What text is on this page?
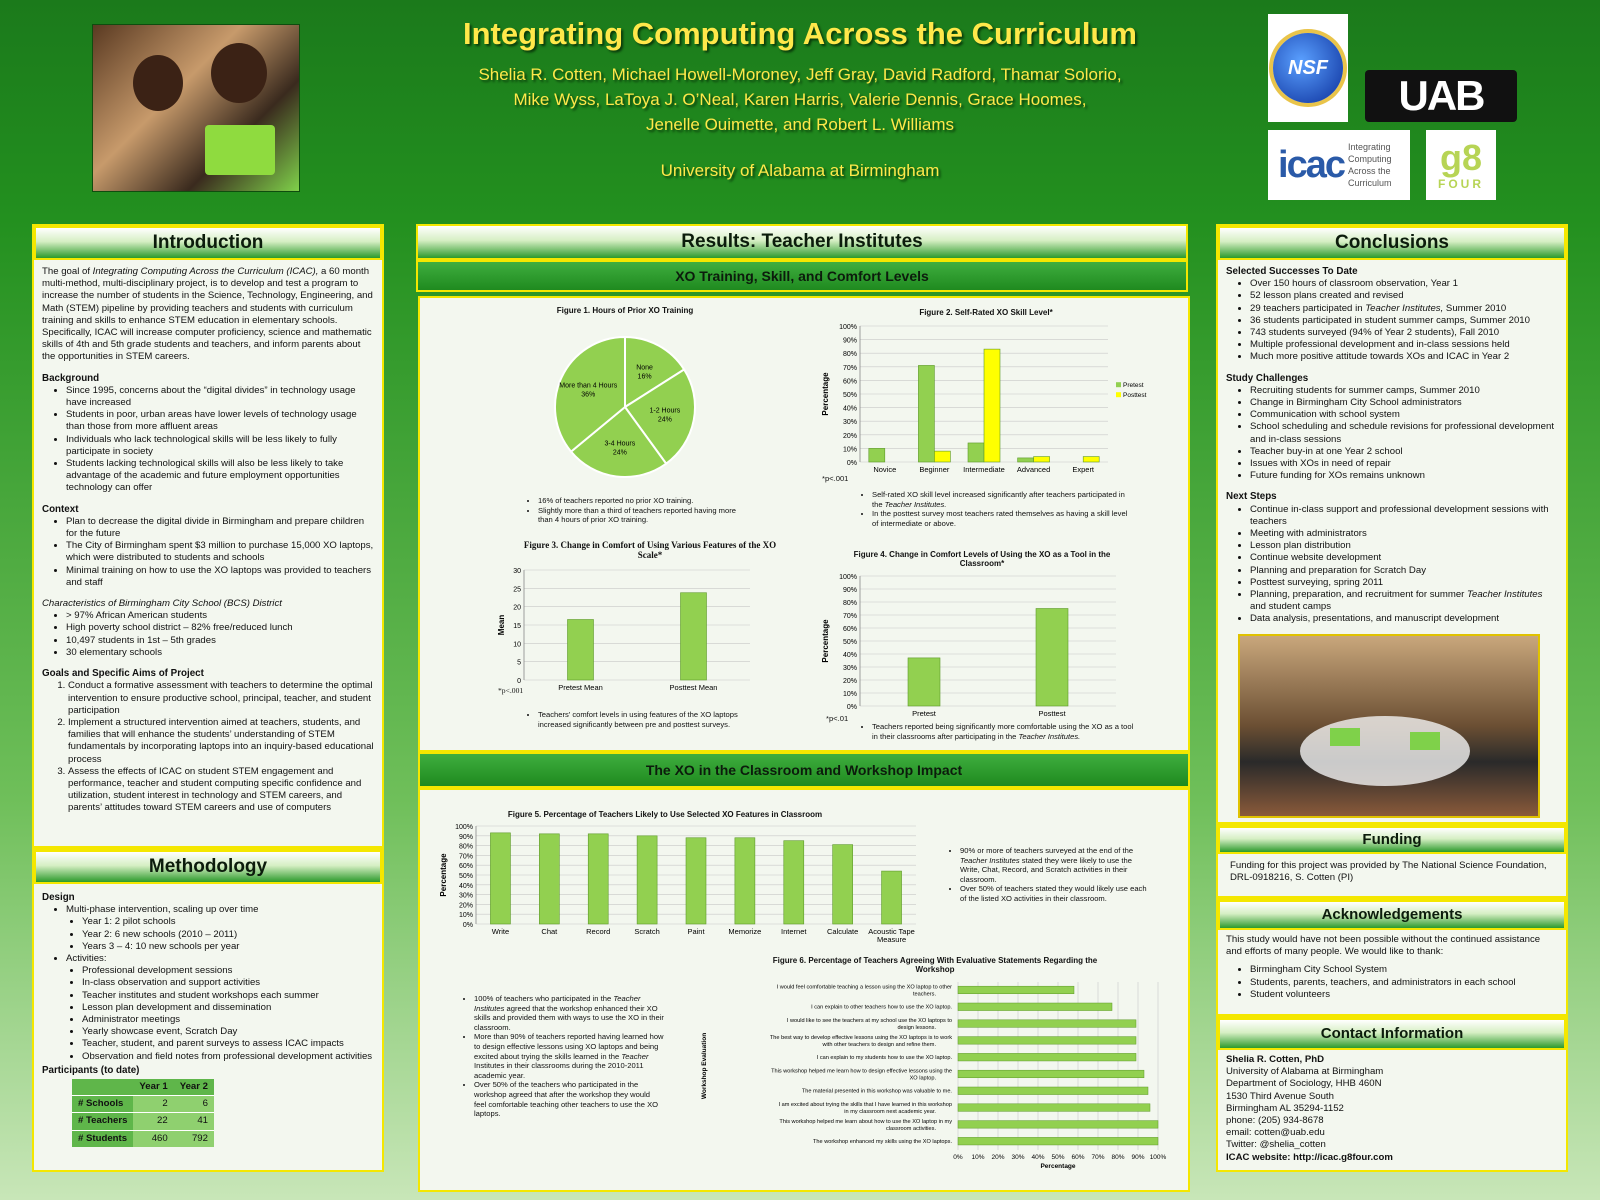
Integrating Computing Across the Curriculum
Shelia R. Cotten, Michael Howell-Moroney, Jeff Gray, David Radford, Thamar Solorio,
Mike Wyss, LaToya J. O’Neal, Karen Harris, Valerie Dennis, Grace Hoomes,
Jenelle Ouimette, and Robert L. Williams
University of Alabama at Birmingham
NSF
UAB
icac Integrating Computing Across the Curriculum
g8
FOUR
Introduction

The goal of Integrating Computing Across the Curriculum (ICAC), a 60 month multi-method, multi-disciplinary project, is to develop and test a program to increase the number of students in the Science, Technology, Engineering, and Math (STEM) pipeline by providing teachers and students with curriculum training and skills to enhance STEM education in elementary schools. Specifically, ICAC will increase computer proficiency, science and mathematic skills of 4th and 5th grade students and teachers, and inform parents about the opportunities in STEM careers.

Background
• Since 1995, concerns about the “digital divides” in technology usage have increased
• Students in poor, urban areas have lower levels of technology usage than those from more affluent areas
• Individuals who lack technological skills will be less likely to fully participate in society
• Students lacking technological skills will also be less likely to take advantage of the academic and future employment opportunities technology can offer
Context
• Plan to decrease the digital divide in Birmingham and prepare children for the future
• The City of Birmingham spent $3 million to purchase 15,000 XO laptops, which were distributed to students and schools
• Minimal training on how to use the XO laptops was provided to teachers and staff

Characteristics of Birmingham City School (BCS) District

• > 97% African American students
• High poverty school district – 82% free/reduced lunch
• 10,497 students in 1st – 5th grades
• 30 elementary schools
Goals and Specific Aims of Project
1. Conduct a formative assessment with teachers to determine the optimal intervention to ensure productive school, principal, teacher, and student participation
2. Implement a structured intervention aimed at teachers, students, and families that will enhance the students’ understanding of STEM fundamentals by incorporating laptops into an inquiry-based educational process
3. Assess the effects of ICAC on student STEM engagement and performance, teacher and student computing specific confidence and utilization, student interest in technology and STEM careers, and parents’ attitudes toward STEM careers and use of computers
Methodology
Design
• Multi-phase intervention, scaling up over time
• Year 1: 2 pilot schools
• Year 2: 6 new schools (2010 – 2011)
• Years 3 – 4: 10 new schools per year
• Activities:
• Professional development sessions
• In-class observation and support activities
• Teacher institutes and student workshops each summer
• Lesson plan development and dissemination
• Administrator meetings
• Yearly showcase event, Scratch Day
• Teacher, student, and parent surveys to assess ICAC impacts
• Observation and field notes from professional development activities
Participants (to date)
	Year 1	Year 2
# Schools	2	6
# Teachers	22	41
# Students	460	792
Results: Teacher Institutes
XO Training, Skill, and Comfort Levels
The XO in the Classroom and Workshop Impact
Figure 1. Hours of Prior XO Training
None
16%
1-2 Hours
24%
3-4 Hours
24%
More than 4 Hours
36%
• 16% of teachers reported no prior XO training.
• Slightly more than a third of teachers reported having more than 4 hours of prior XO training.
Figure 2. Self-Rated XO Skill Level*
0%
10%
20%
30%
40%
50%
60%
70%
80%
90%
100%
Percentage
Novice	Beginner Intermediate Advanced	Expert
Pretest
Posttest
*p<.001
• Self-rated XO skill level increased significantly after teachers participated in the Teacher Institutes.
• In the posttest survey most teachers rated themselves as having a skill level of intermediate or above.
Figure 3. Change in Comfort of Using Various Features of the XO Scale*
0
5
10
15
20
25
30
Mean
Pretest Mean	Posttest Mean
*p<.001
• Teachers’ comfort levels in using features of the XO laptops increased significantly between pre and posttest surveys.
Figure 4. Change in Comfort Levels of Using the XO as a Tool in the Classroom*
0%
10%
20%
30%
40%
50%
60%
70%
80%
90%
100%
Percentage
Pretest	Posttest
*p<.01
• Teachers reported being significantly more comfortable using the XO as a tool in their classrooms after participating in the Teacher Institutes.
Figure 5. Percentage of Teachers Likely to Use Selected XO Features in Classroom
0%
10%
20%
30%
40%
50%
60%
70%
80%
90%
100%
Percentage
Write	Chat	Record	Scratch	Paint	Memorize	Internet	Calculate Acoustic Tape
Measure
• 90% or more of teachers surveyed at the end of the Teacher Institutes stated they were likely to use the Write, Chat, Record, and Scratch activities in their classroom.
• Over 50% of teachers stated they would likely use each of the listed XO activities in their classroom.
Figure 6. Percentage of Teachers Agreeing With Evaluative Statements Regarding the Workshop
0% 10% 20% 30% 40% 50% 60% 70% 80% 90% 100%
Percentage
Workshop Evaluation
I would feel comfortable teaching a lesson using the XO laptop to other
teachers.
I can explain to other teachers how to use the XO laptop.
I would like to see the teachers at my school use the XO laptops to
design lessons.
The best way to develop effective lessons using the XO laptops is to work
with other teachers to design and refine them.
I can explain to my students how to use the XO laptop.
This workshop helped me learn how to design effective lessons using the
XO laptop.
The material presented in this workshop was valuable to me.
I am excited about trying the skills that I have learned in this workshop
in my classroom next academic year.
This workshop helped me learn about how to use the XO laptop in my
classroom activities.
The workshop enhanced my skills using the XO laptops.
• 100% of teachers who participated in the Teacher Institutes agreed that the workshop enhanced their XO skills and provided them with ways to use the XO in their classroom.
• More than 90% of teachers reported having learned how to design effective lessons using XO laptops and being excited about trying the skills learned in the Teacher Institutes in their classrooms during the 2010-2011 academic year.
• Over 50% of the teachers who participated in the workshop agreed that after the workshop they would feel comfortable teaching other teachers to use the XO laptops.
Conclusions
Selected Successes To Date
• Over 150 hours of classroom observation, Year 1
• 52 lesson plans created and revised
• 29 teachers participated in Teacher Institutes, Summer 2010
• 36 students participated in student summer camps, Summer 2010
• 743 students surveyed (94% of Year 2 students), Fall 2010
• Multiple professional development and in-class sessions held
• Much more positive attitude towards XOs and ICAC in Year 2
Study Challenges
• Recruiting students for summer camps, Summer 2010
• Change in Birmingham City School administrators
• Communication with school system
• School scheduling and schedule revisions for professional development and in-class sessions
• Teacher buy-in at one Year 2 school
• Issues with XOs in need of repair
• Future funding for XOs remains unknown
Next Steps
• Continue in-class support and professional development sessions with teachers
• Meeting with administrators
• Lesson plan distribution
• Continue website development
• Planning and preparation for Scratch Day
• Posttest surveying, spring 2011
• Planning, preparation, and recruitment for summer Teacher Institutes and student camps
• Data analysis, presentations, and manuscript development
Funding
Funding for this project was provided by The National Science Foundation, DRL-0918216, S. Cotten (PI)
Acknowledgements

This study would have not been possible without the continued assistance and efforts of many people. We would like to thank:

• Birmingham City School System
• Students, parents, teachers, and administrators in each school
• Student volunteers
Contact Information
Shelia R. Cotten, PhD
University of Alabama at Birmingham
Department of Sociology, HHB 460N
1530 Third Avenue South
Birmingham AL 35294-1152
phone: (205) 934-8678
email: cotten@uab.edu
Twitter: @shelia_cotten
ICAC website: http://icac.g8four.com
